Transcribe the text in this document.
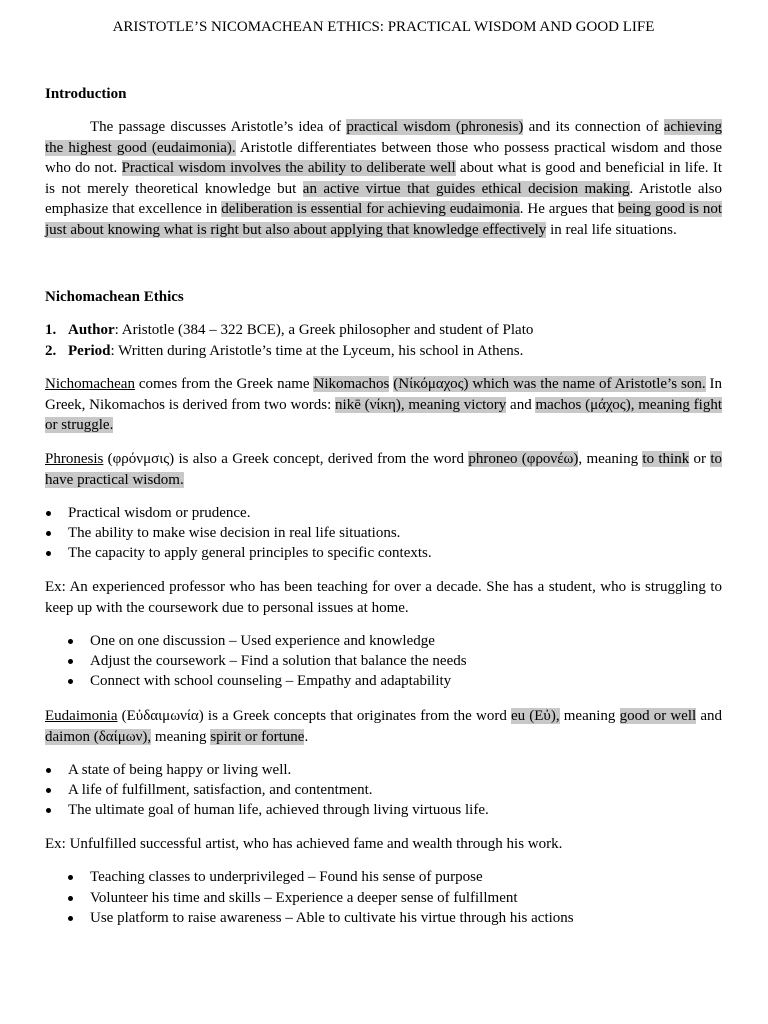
ARISTOTLE’S NICOMACHEAN ETHICS: PRACTICAL WISDOM AND GOOD LIFE
Introduction
The passage discusses Aristotle’s idea of practical wisdom (phronesis) and its connection of achieving the highest good (eudaimonia). Aristotle differentiates between those who possess practical wisdom and those who do not. Practical wisdom involves the ability to deliberate well about what is good and beneficial in life. It is not merely theoretical knowledge but an active virtue that guides ethical decision making. Aristotle also emphasize that excellence in deliberation is essential for achieving eudaimonia. He argues that being good is not just about knowing what is right but also about applying that knowledge effectively in real life situations.
Nichomachean Ethics
1. Author: Aristotle (384 – 322 BCE), a Greek philosopher and student of Plato
2. Period: Written during Aristotle’s time at the Lyceum, his school in Athens.
Nichomachean comes from the Greek name Nikomachos (Νίκόμαχος) which was the name of Aristotle’s son. In Greek, Nikomachos is derived from two words: nikē (νίκη), meaning victory and machos (μάχος), meaning fight or struggle.
Phronesis (φρόνμσις) is also a Greek concept, derived from the word phroneo (φρονέω), meaning to think or to have practical wisdom.
Practical wisdom or prudence.
The ability to make wise decision in real life situations.
The capacity to apply general principles to specific contexts.
Ex: An experienced professor who has been teaching for over a decade. She has a student, who is struggling to keep up with the coursework due to personal issues at home.
One on one discussion – Used experience and knowledge
Adjust the coursework – Find a solution that balance the needs
Connect with school counseling – Empathy and adaptability
Eudaimonia (Εὐδαιμωνία) is a Greek concepts that originates from the word eu (Εὐ), meaning good or well and daimon (δαίμων), meaning spirit or fortune.
A state of being happy or living well.
A life of fulfillment, satisfaction, and contentment.
The ultimate goal of human life, achieved through living virtuous life.
Ex: Unfulfilled successful artist, who has achieved fame and wealth through his work.
Teaching classes to underprivileged – Found his sense of purpose
Volunteer his time and skills – Experience a deeper sense of fulfillment
Use platform to raise awareness – Able to cultivate his virtue through his actions
